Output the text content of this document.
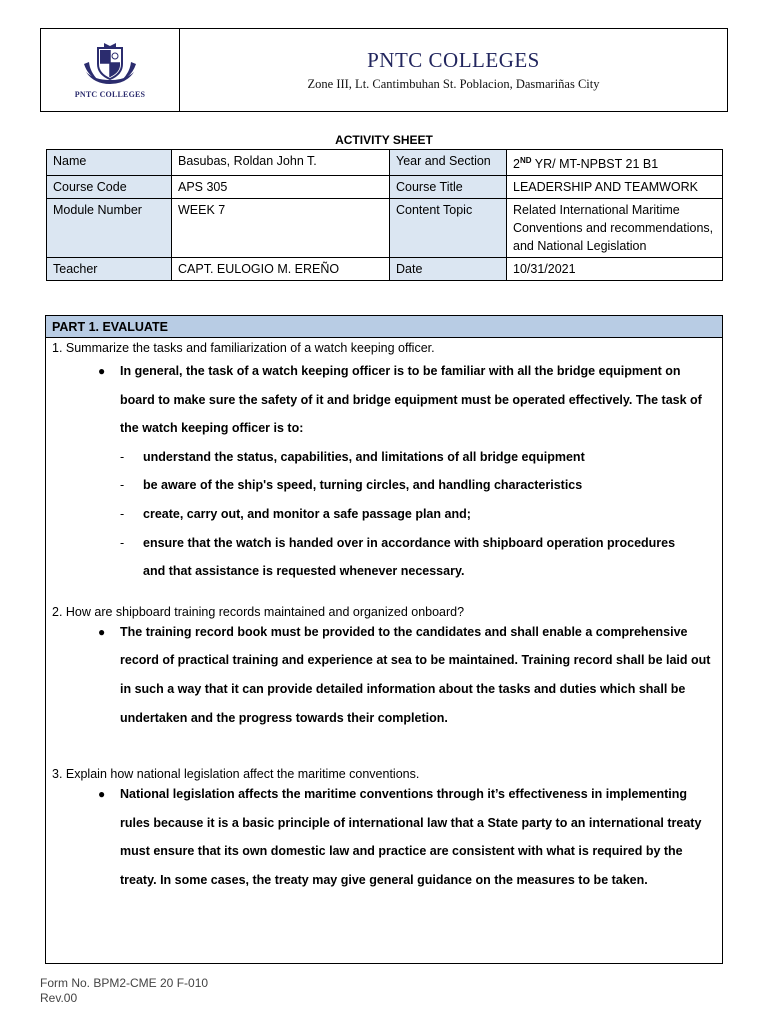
PNTC COLLEGES
PNTC COLLEGES
Zone III, Lt. Cantimbuhan St. Poblacion, Dasmariñas City
ACTIVITY SHEET
Name	Basubas, Roldan John T.	Year and Section	2ND YR/ MT-NPBST 21 B1
Course Code	APS 305	Course Title	LEADERSHIP AND TEAMWORK
Module Number	WEEK 7	Content Topic	Related International Maritime Conventions and recommendations, and National Legislation
Teacher	CAPT. EULOGIO M. EREÑO	Date	10/31/2021
PART 1. EVALUATE
1. Summarize the tasks and familiarization of a watch keeping officer.
● In general, the task of a watch keeping officer is to be familiar with all the bridge equipment on board to make sure the safety of it and bridge equipment must be operated effectively. The task of the watch keeping officer is to:
- understand the status, capabilities, and limitations of all bridge equipment
- be aware of the ship's speed, turning circles, and handling characteristics
- create, carry out, and monitor a safe passage plan and;
- ensure that the watch is handed over in accordance with shipboard operation procedures
and that assistance is requested whenever necessary.
2. How are shipboard training records maintained and organized onboard?
● The training record book must be provided to the candidates and shall enable a comprehensive record of practical training and experience at sea to be maintained. Training record shall be laid out in such a way that it can provide detailed information about the tasks and duties which shall be undertaken and the progress towards their completion.
3. Explain how national legislation affect the maritime conventions.
● National legislation affects the maritime conventions through it’s effectiveness in implementing rules because it is a basic principle of international law that a State party to an international treaty must ensure that its own domestic law and practice are consistent with what is required by the treaty. In some cases, the treaty may give general guidance on the measures to be taken.
Form No. BPM2-CME 20 F-010
Rev.00
